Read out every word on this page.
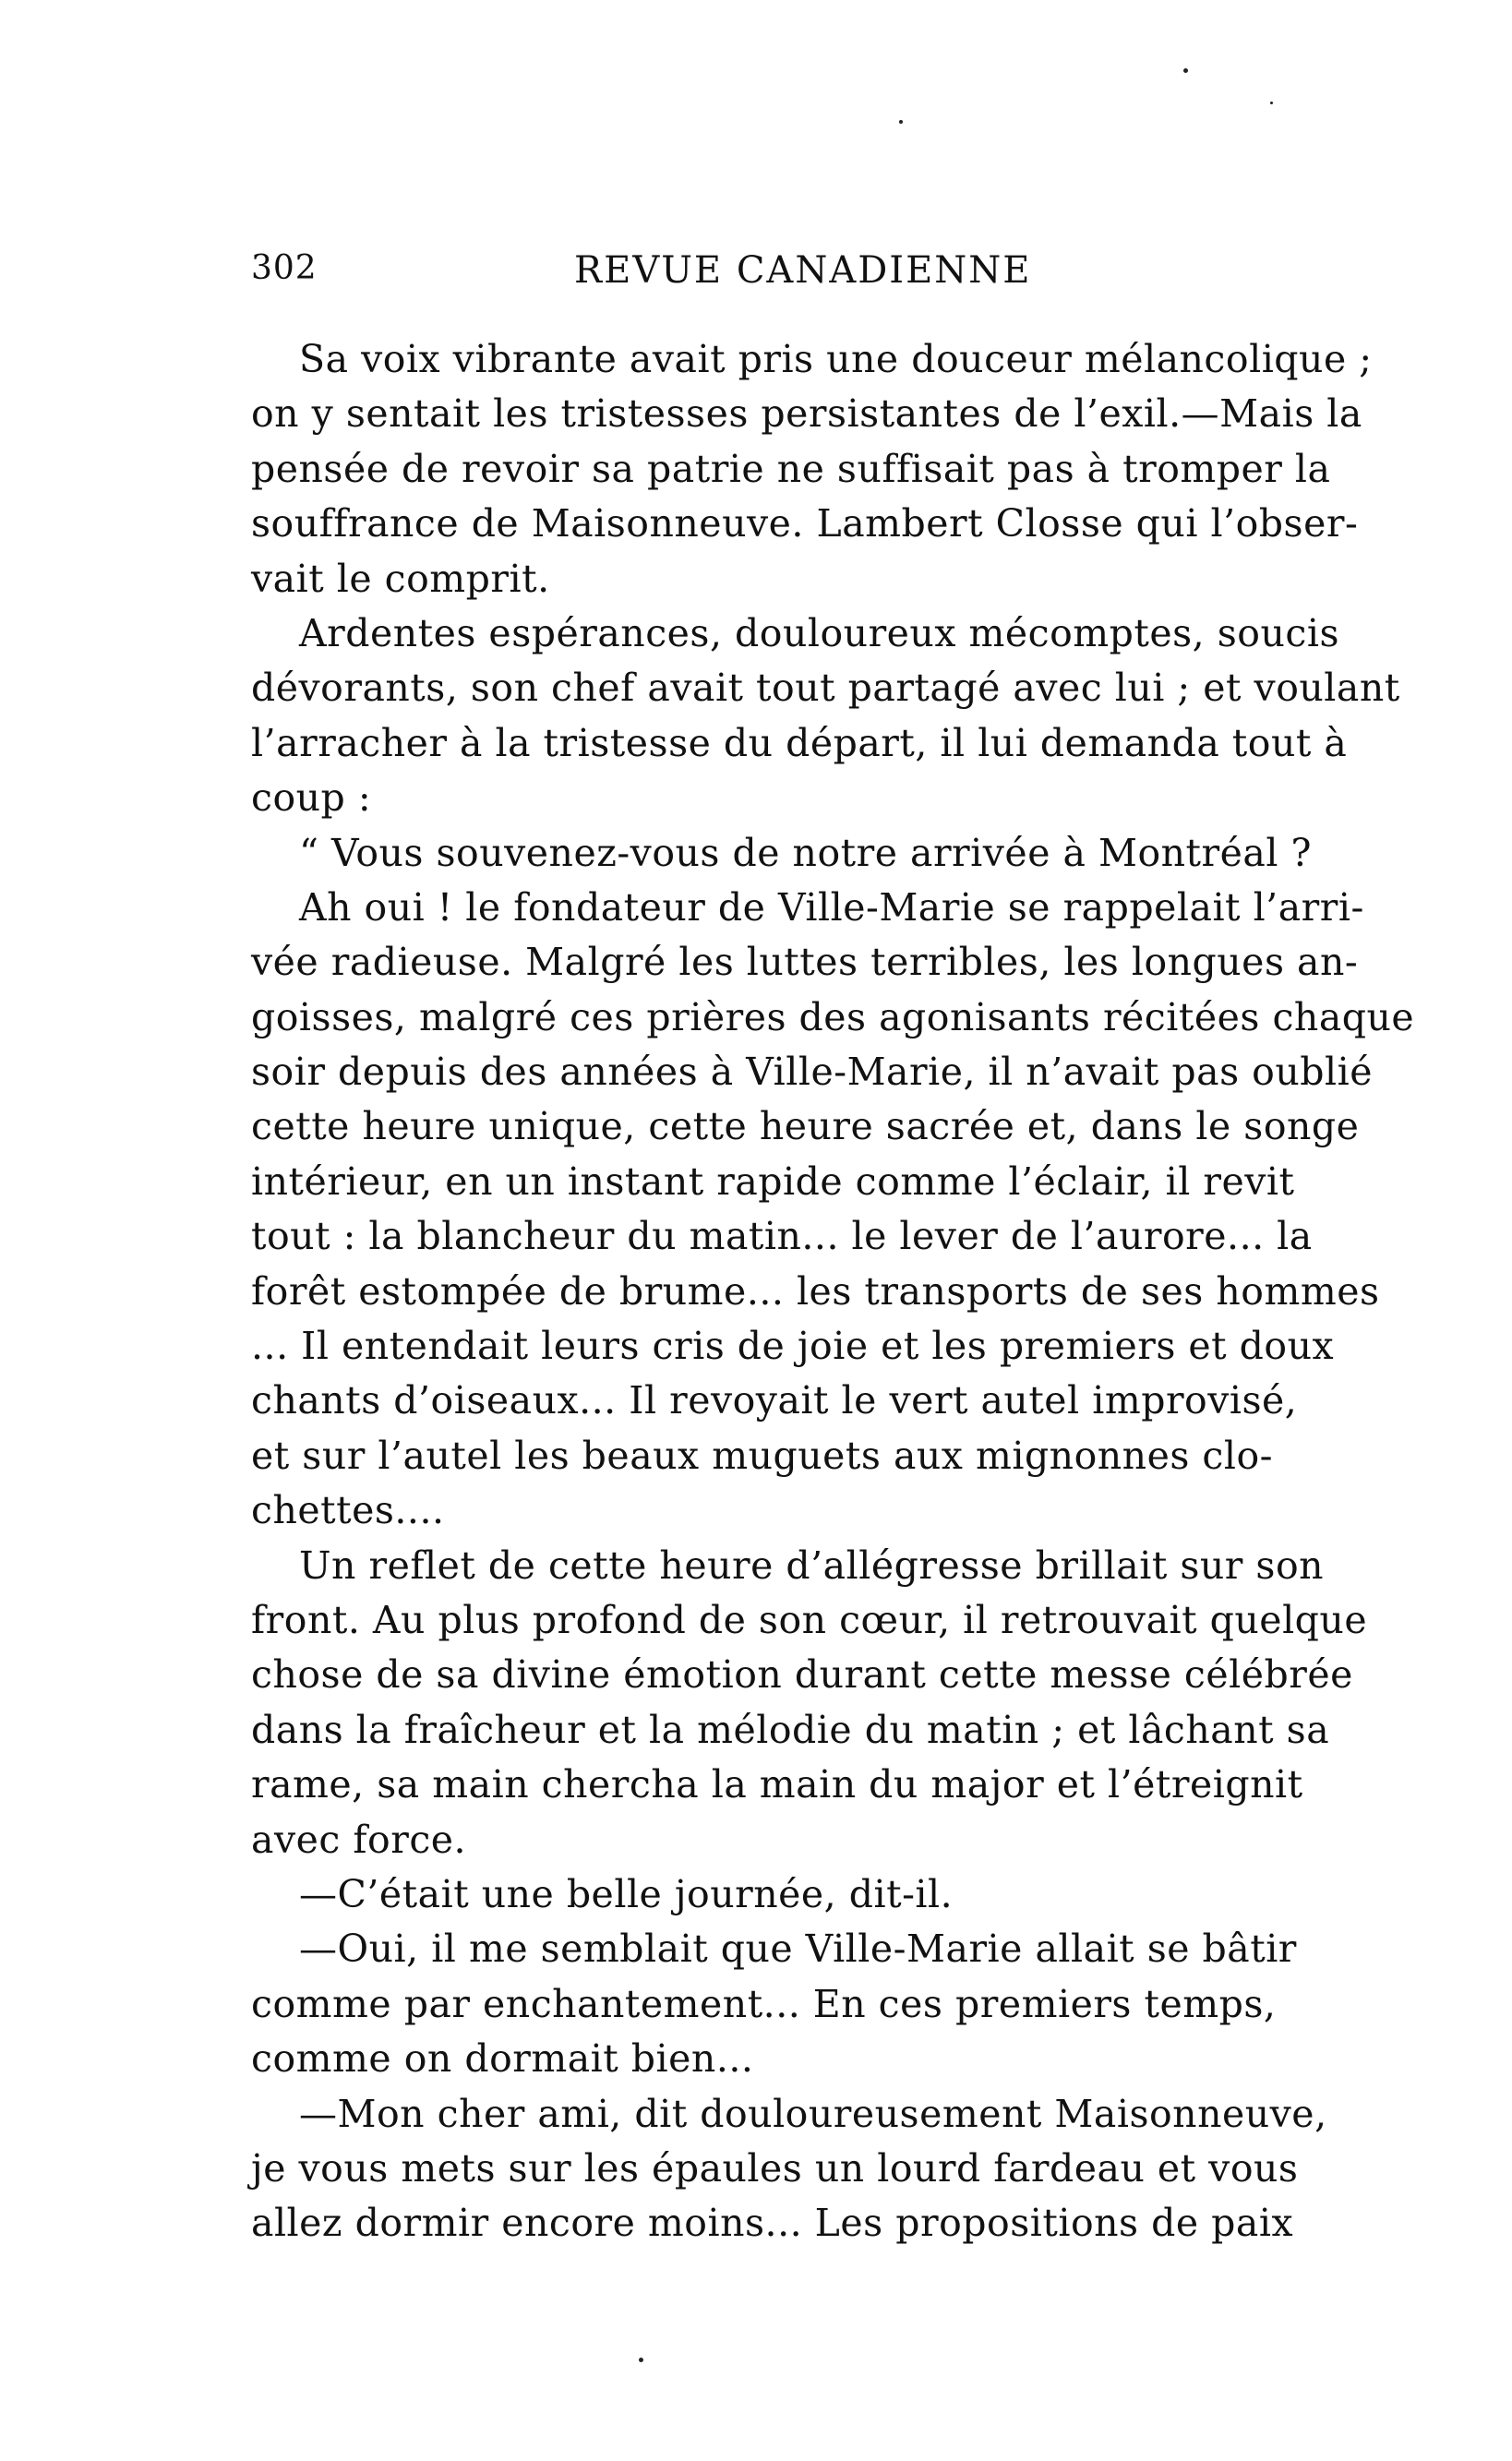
302	REVUE CANADIENNE
Sa voix vibrante avait pris une douceur mélancolique ;
on y sentait les tristesses persistantes de l’exil.—Mais la
pensée de revoir sa patrie ne suffisait pas à tromper la
souffrance de Maisonneuve. Lambert Closse qui l’obser-
vait le comprit.
Ardentes espérances, douloureux mécomptes, soucis
dévorants, son chef avait tout partagé avec lui ; et voulant
l’arracher à la tristesse du départ, il lui demanda tout à
coup :
“ Vous souvenez-vous de notre arrivée à Montréal ?
Ah oui ! le fondateur de Ville-Marie se rappelait l’arri-
vée radieuse. Malgré les luttes terribles, les longues an-
goisses, malgré ces prières des agonisants récitées chaque
soir depuis des années à Ville-Marie, il n’avait pas oublié
cette heure unique, cette heure sacrée et, dans le songe
intérieur, en un instant rapide comme l’éclair, il revit
tout : la blancheur du matin... le lever de l’aurore... la
forêt estompée de brume... les transports de ses hommes
... Il entendait leurs cris de joie et les premiers et doux
chants d’oiseaux... Il revoyait le vert autel improvisé,
et sur l’autel les beaux muguets aux mignonnes clo-
chettes....
Un reflet de cette heure d’allégresse brillait sur son
front. Au plus profond de son cœur, il retrouvait quelque
chose de sa divine émotion durant cette messe célébrée
dans la fraîcheur et la mélodie du matin ; et lâchant sa
rame, sa main chercha la main du major et l’étreignit
avec force.
—C’était une belle journée, dit-il.
—Oui, il me semblait que Ville-Marie allait se bâtir
comme par enchantement... En ces premiers temps,
comme on dormait bien...
—Mon cher ami, dit douloureusement Maisonneuve,
je vous mets sur les épaules un lourd fardeau et vous
allez dormir encore moins... Les propositions de paix
